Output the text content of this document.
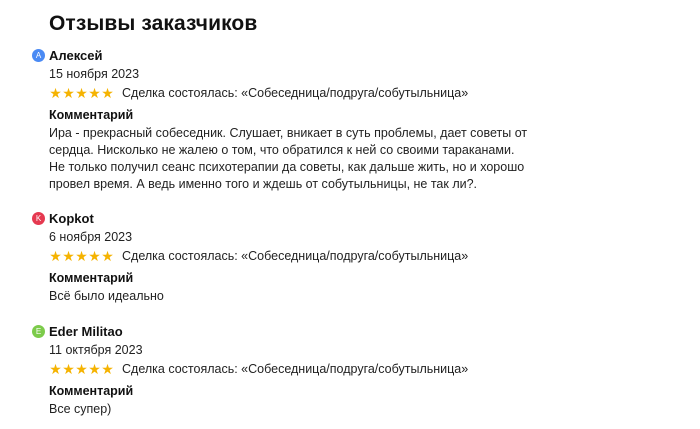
Отзывы заказчиков
А Алексей
15 ноября 2023
★ ★ ★ ★ ★ Сделка состоялась: «Собеседница/подруга/собутыльница»
Комментарий
Ира - прекрасный собеседник. Слушает, вникает в суть проблемы, дает советы от
сердца. Нисколько не жалею о том, что обратился к ней со своими тараканами.
Не только получил сеанс психотерапии да советы, как дальше жить, но и хорошо
провел время. А ведь именно того и ждешь от собутыльницы, не так ли?.
K Kopkot
6 ноября 2023
★ ★ ★ ★ ★ Сделка состоялась: «Собеседница/подруга/собутыльница»
Комментарий
Всё было идеально
E Eder Militao
11 октября 2023
★ ★ ★ ★ ★ Сделка состоялась: «Собеседница/подруга/собутыльница»
Комментарий
Все супер)
